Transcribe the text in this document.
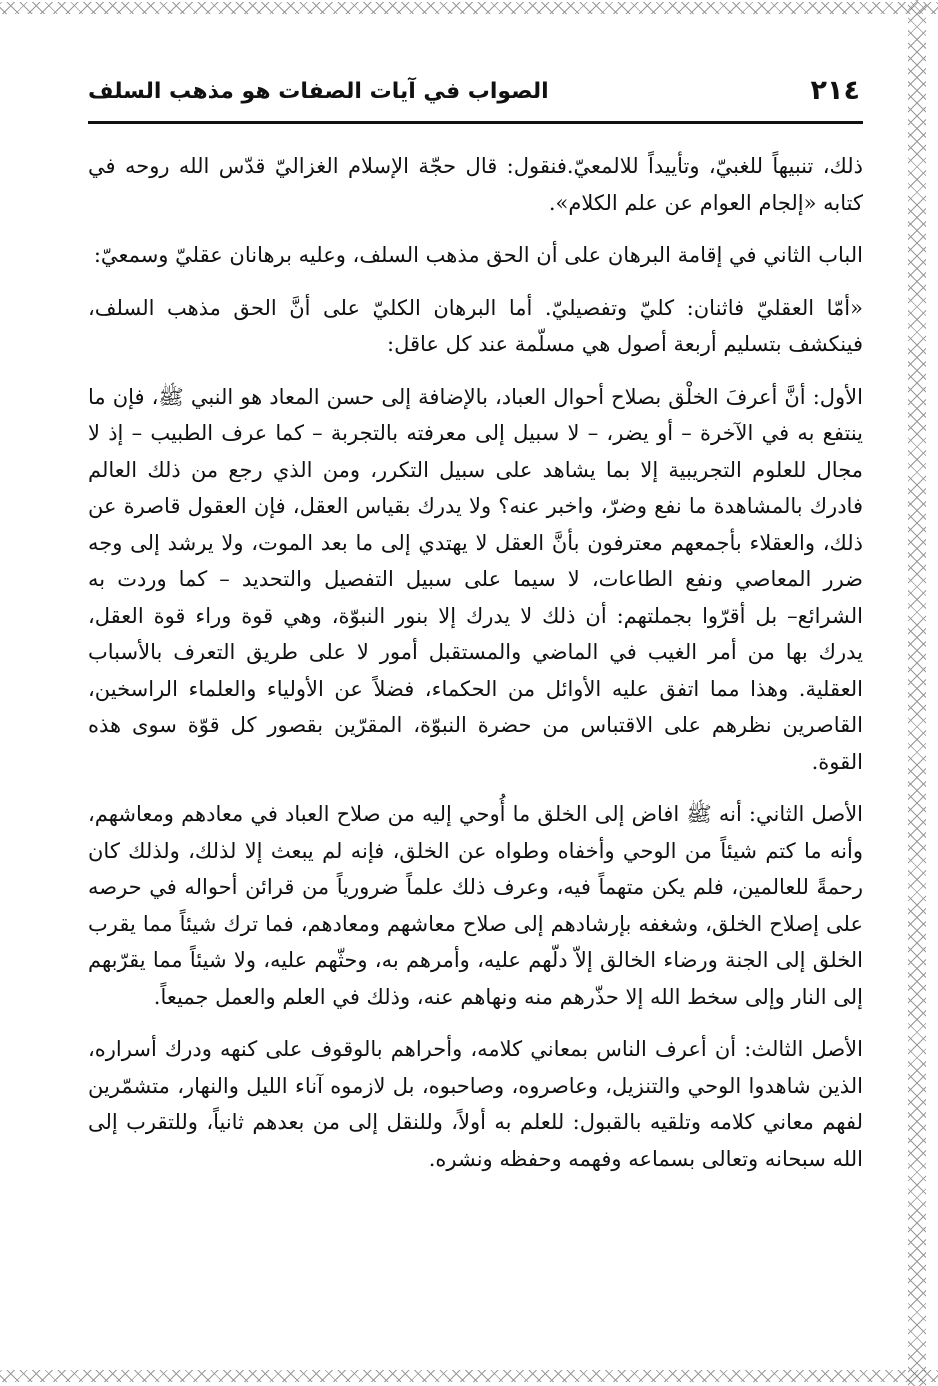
٢١٤
الصواب في آيات الصفات هو مذهب السلف

ذلك، تنبيهاً للغبيّ، وتأييداً للالمعيّ.فنقول: قال حجّة الإسلام الغزاليّ قدّس الله روحه في كتابه «إلجام العوام عن علم الكلام».

الباب الثاني في إقامة البرهان على أن الحق مذهب السلف، وعليه برهانان عقليّ وسمعيّ:

«أمّا العقليّ فاثنان: كليّ وتفصيليّ. أما البرهان الكليّ على أنَّ الحق مذهب السلف، فينكشف بتسليم أربعة أصول هي مسلّمة عند كل عاقل:

الأول: أنَّ أعرفَ الخلْق بصلاح أحوال العباد، بالإضافة إلى حسن المعاد هو النبي ﷺ، فإن ما ينتفع به في الآخرة – أو يضر، – لا سبيل إلى معرفته بالتجربة – كما عرف الطبيب – إذ لا مجال للعلوم التجريبية إلا بما يشاهد على سبيل التكرر، ومن الذي رجع من ذلك العالم فادرك بالمشاهدة ما نفع وضرّ، واخبر عنه؟ ولا يدرك بقياس العقل، فإن العقول قاصرة عن ذلك، والعقلاء بأجمعهم معترفون بأنَّ العقل لا يهتدي إلى ما بعد الموت، ولا يرشد إلى وجه ضرر المعاصي ونفع الطاعات، لا سيما على سبيل التفصيل والتحديد – كما وردت به الشرائع– بل أقرّوا بجملتهم: أن ذلك لا يدرك إلا بنور النبوّة، وهي قوة وراء قوة العقل، يدرك بها من أمر الغيب في الماضي والمستقبل أمور لا على طريق التعرف بالأسباب العقلية. وهذا مما اتفق عليه الأوائل من الحكماء، فضلاً عن الأولياء والعلماء الراسخين، القاصرين نظرهم على الاقتباس من حضرة النبوّة، المقرّين بقصور كل قوّة سوى هذه القوة.

الأصل الثاني: أنه ﷺ افاض إلى الخلق ما أُوحي إليه من صلاح العباد في معادهم ومعاشهم، وأنه ما كتم شيئاً من الوحي وأخفاه وطواه عن الخلق، فإنه لم يبعث إلا لذلك، ولذلك كان رحمةً للعالمين، فلم يكن متهماً فيه، وعرف ذلك علماً ضرورياً من قرائن أحواله في حرصه على إصلاح الخلق، وشغفه بإرشادهم إلى صلاح معاشهم ومعادهم، فما ترك شيئاً مما يقرب الخلق إلى الجنة ورضاء الخالق إلاّ دلّهم عليه، وأمرهم به، وحثّهم عليه، ولا شيئاً مما يقرّبهم إلى النار وإلى سخط الله إلا حذّرهم منه ونهاهم عنه، وذلك في العلم والعمل جميعاً.

الأصل الثالث: أن أعرف الناس بمعاني كلامه، وأحراهم بالوقوف على كنهه ودرك أسراره، الذين شاهدوا الوحي والتنزيل، وعاصروه، وصاحبوه، بل لازموه آناء الليل والنهار، متشمّرين لفهم معاني كلامه وتلقيه بالقبول: للعلم به أولاً، وللنقل إلى من بعدهم ثانياً، وللتقرب إلى الله سبحانه وتعالى بسماعه وفهمه وحفظه ونشره.
